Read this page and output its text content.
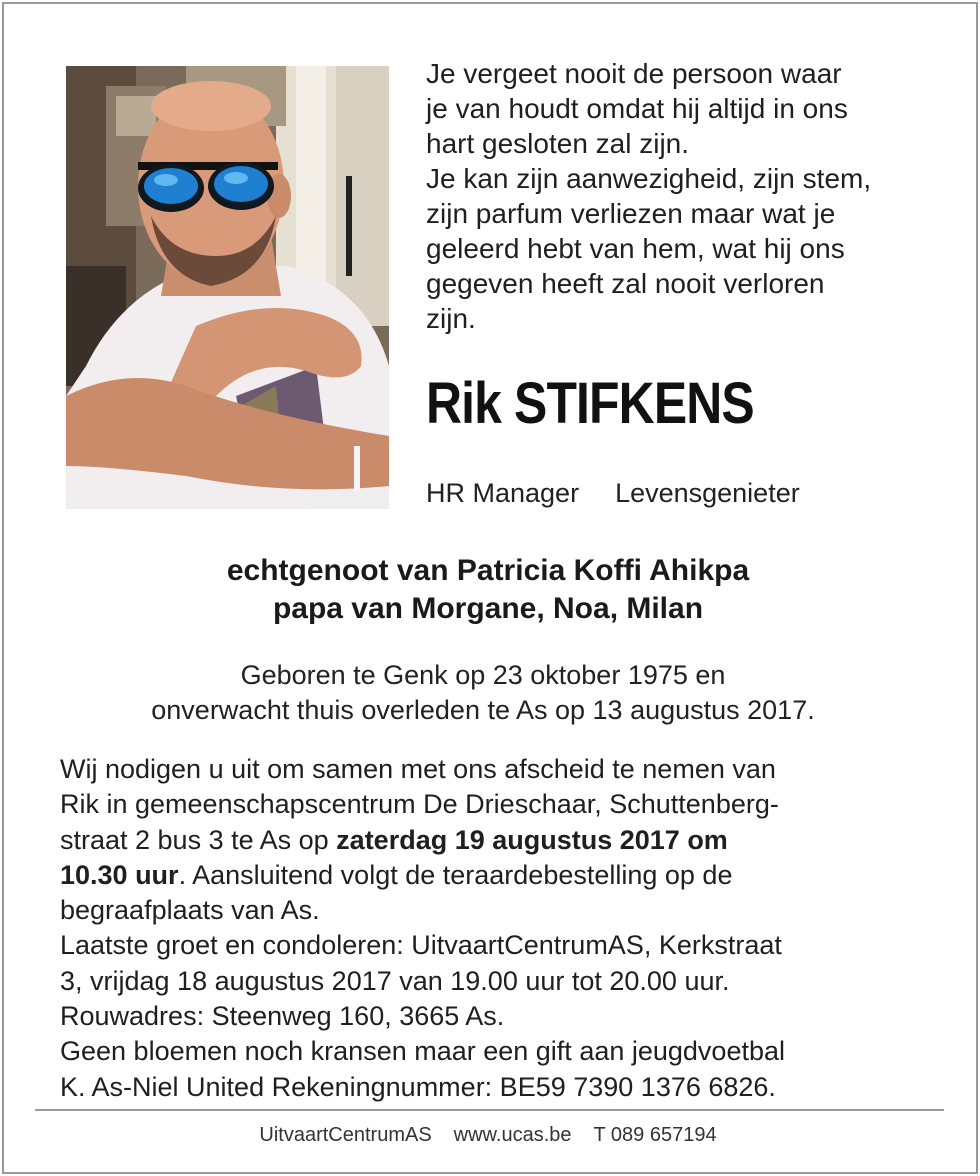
Je vergeet nooit de persoon waar
je van houdt omdat hij altijd in ons
hart gesloten zal zijn.
Je kan zijn aanwezigheid, zijn stem,
zijn parfum verliezen maar wat je
geleerd hebt van hem, wat hij ons
gegeven heeft zal nooit verloren
zijn.
Rik STIFKENS
HR Manager Levensgenieter
echtgenoot van Patricia Koffi Ahikpa
papa van Morgane, Noa, Milan
Geboren te Genk op 23 oktober 1975 en
onverwacht thuis overleden te As op 13 augustus 2017.
Wij nodigen u uit om samen met ons afscheid te nemen van
Rik in gemeenschapscentrum De Drieschaar, Schuttenberg-
straat 2 bus 3 te As op zaterdag 19 augustus 2017 om
10.30 uur. Aansluitend volgt de teraardebestelling op de
begraafplaats van As.
Laatste groet en condoleren: UitvaartCentrumAS, Kerkstraat
3, vrijdag 18 augustus 2017 van 19.00 uur tot 20.00 uur.
Rouwadres: Steenweg 160, 3665 As.
Geen bloemen noch kransen maar een gift aan jeugdvoetbal
K. As-Niel United Rekeningnummer: BE59 7390 1376 6826.
UitvaartCentrumAS www.ucas.be T 089 657194
